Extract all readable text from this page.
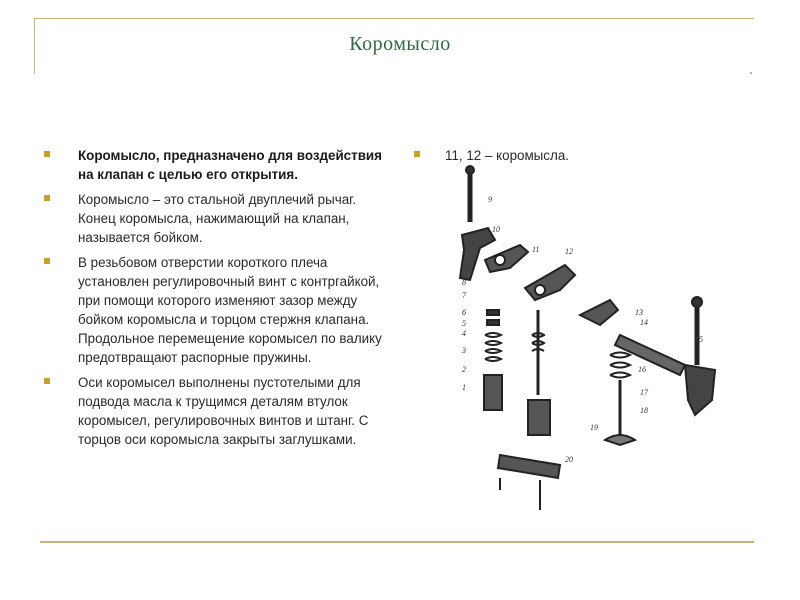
Коромысло
Коромысло, предназначено для воздействия на клапан с целью его открытия.
Коромысло – это стальной двуплечий рычаг. Конец коромысла, нажимающий на клапан, называется бойком.
В резьбовом отверстии короткого плеча установлен регулировочный винт с контргайкой, при помощи которого изменяют зазор между бойком коромысла и торцом стержня клапана. Продольное перемещение коромысел по валику предотвращают распорные пружины.
Оси коромысел выполнены пустотелыми для подвода масла к трущимся деталям втулок коромысел, регулировочных винтов и штанг. С торцов оси коромысла закрыты заглушками.
11, 12 – коромысла.
9
10
11	12
8
7
6
5
4
3
2
1
13
14
15
16
17
18
19
20
